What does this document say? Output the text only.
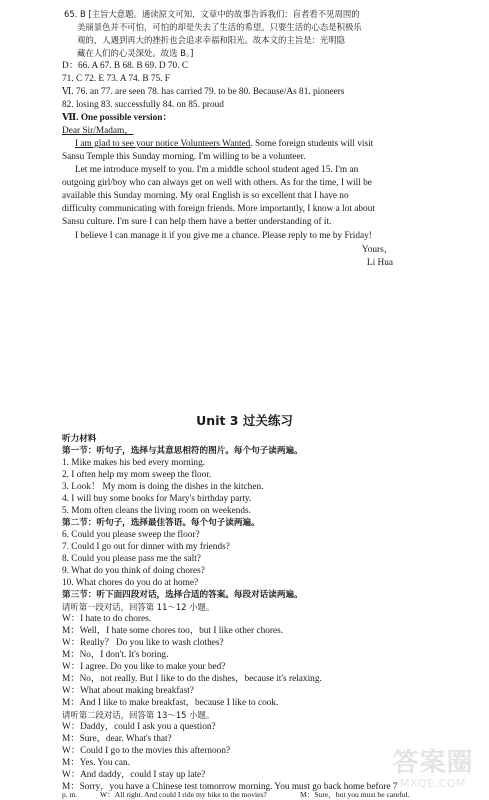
65. B [主旨大意题。通读原文可知，文章中的故事告诉我们：盲者看不见周围的
美丽景色并不可怕，可怕的却是失去了生活的希望。只要生活的心态是积极乐
观的，人遇到再大的挫折也会追求幸福和阳光。故本文的主旨是：光明隐
藏在人们的心灵深处。故选 B。]
D：66. A 67. B 68. B 69. D 70. C
71. C 72. E 73. A 74. B 75. F
Ⅵ. 76. an 77. are seen 78. has carried 79. to be 80. Because/As 81. pioneers
82. losing 83. successfully 84. on 85. proud
Ⅶ. One possible version：
Dear Sir/Madam，
I am glad to see your notice Volunteers Wanted. Some foreign students will visit
Sansu Temple this Sunday morning. I'm willing to be a volunteer.
Let me introduce myself to you. I'm a middle school student aged 15. I'm an
outgoing girl/boy who can always get on well with others. As for the time, I will be
available this Sunday morning. My oral English is so excellent that I have no
difficulty communicating with foreign friends. More importantly, I know a lot about
Sansu culture. I'm sure I can help them have a better understanding of it.
I believe I can manage it if you give me a chance. Please reply to me by Friday!
Yours，
Li Hua
Unit 3 过关练习
听力材料
第一节：听句子，选择与其意思相符的图片。每个句子读两遍。
1. Mike makes his bed every morning.
2. I often help my mom sweep the floor.
3. Look！ My mom is doing the dishes in the kitchen.
4. I will buy some books for Mary's birthday party.
5. Mom often cleans the living room on weekends.
第二节：听句子，选择最佳答语。每个句子读两遍。
6. Could you please sweep the floor?
7. Could I go out for dinner with my friends?
8. Could you please pass me the salt?
9. What do you think of doing chores?
10. What chores do you do at home?
第三节：听下面四段对话，选择合适的答案。每段对话读两遍。
请听第一段对话，回答第 11～12 小题。
W：I hate to do chores.
M：Well，I hate some chores too，but I like other chores.
W：Really？ Do you like to wash clothes?
M：No，I don't. It's boring.
W：I agree. Do you like to make your bed?
M：No，not really. But I like to do the dishes，because it's relaxing.
W：What about making breakfast?
M：And I like to make breakfast，because I like to cook.
请听第二段对话，回答第 13～15 小题。
W：Daddy，could I ask you a question?
M：Sure，dear. What's that?
W：Could I go to the movies this afternoon?
M：Yes. You can.
W：And daddy，could I stay up late?
M：Sorry，you have a Chinese test tomorrow morning. You must go back home before 7
p. m.	W：All right. And could I ride my bike to the movies?	M：Sure，but you must be careful.
答案圈
MXQE.COM
